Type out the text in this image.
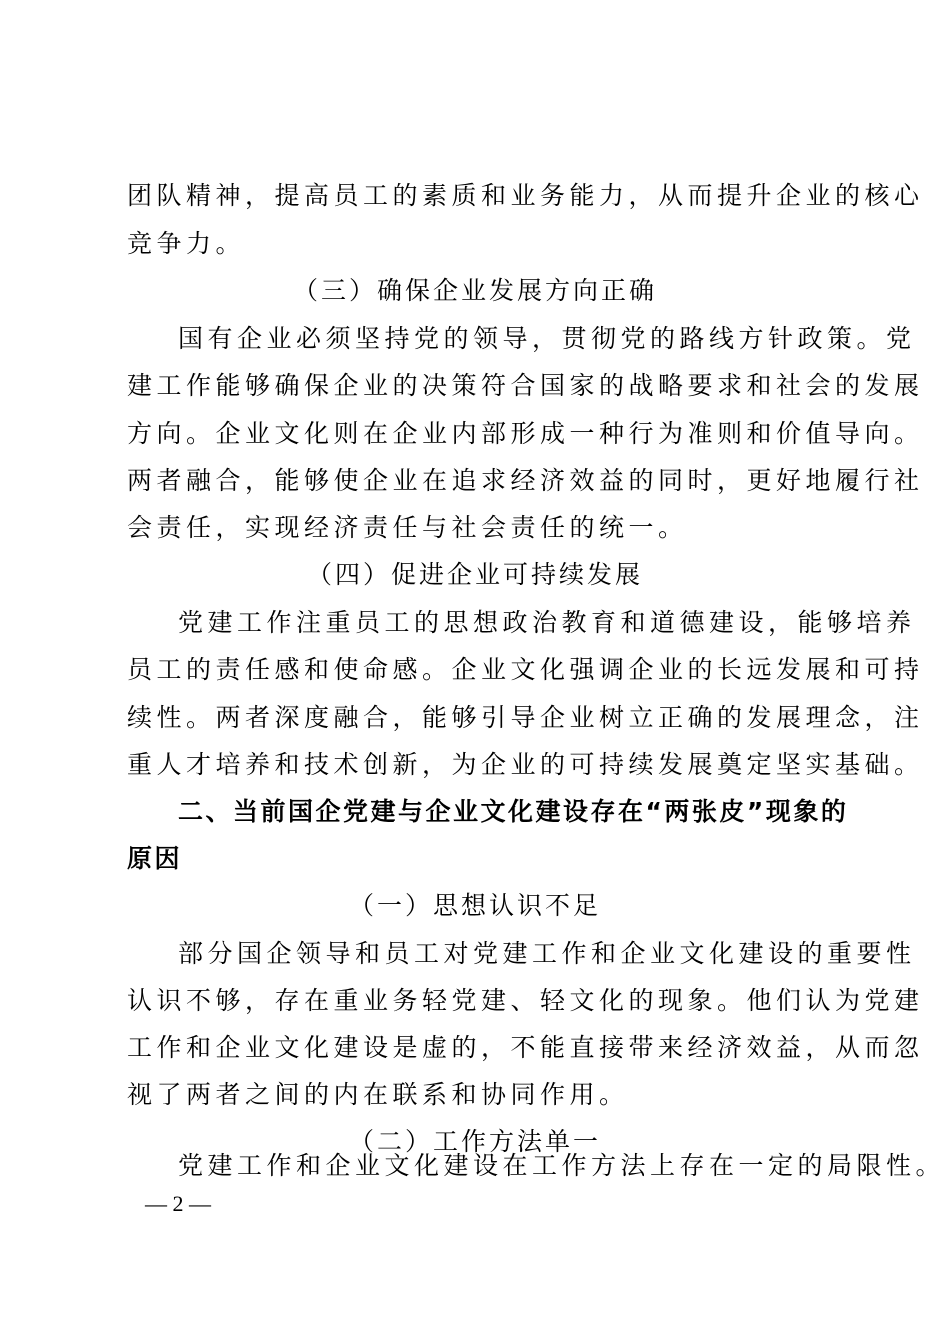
团队精神，提高员工的素质和业务能力，从而提升企业的核心
竞争力。
（三）确保企业发展方向正确
国有企业必须坚持党的领导，贯彻党的路线方针政策。党
建工作能够确保企业的决策符合国家的战略要求和社会的发展
方向。企业文化则在企业内部形成一种行为准则和价值导向。
两者融合，能够使企业在追求经济效益的同时，更好地履行社
会责任，实现经济责任与社会责任的统一。
（四）促进企业可持续发展
党建工作注重员工的思想政治教育和道德建设，能够培养
员工的责任感和使命感。企业文化强调企业的长远发展和可持
续性。两者深度融合，能够引导企业树立正确的发展理念，注
重人才培养和技术创新，为企业的可持续发展奠定坚实基础。
二、当前国企党建与企业文化建设存在“两张皮”现象的
原因
（一）思想认识不足
部分国企领导和员工对党建工作和企业文化建设的重要性
认识不够，存在重业务轻党建、轻文化的现象。他们认为党建
工作和企业文化建设是虚的，不能直接带来经济效益，从而忽
视了两者之间的内在联系和协同作用。
（二）工作方法单一
党建工作和企业文化建设在工作方法上存在一定的局限性。
— 2 —
